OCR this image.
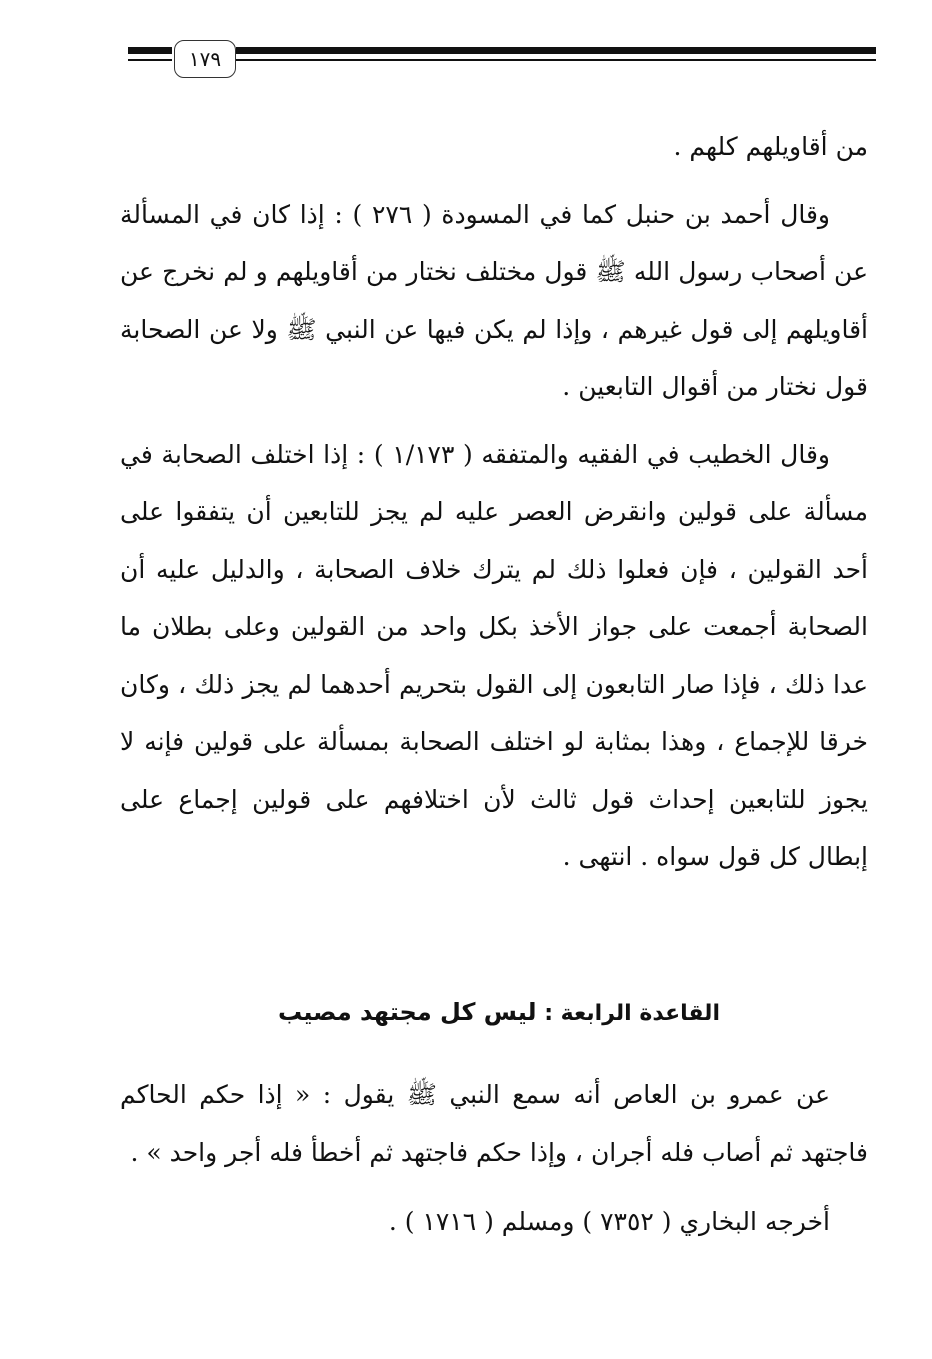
١٧٩

من أقاويلهم كلهم .

وقال أحمد بن حنبل كما في المسودة ( ٢٧٦ ) : إذا كان في المسألة عن أصحاب رسول الله ﷺ قول مختلف نختار من أقاويلهم و لم نخرج عن أقاويلهم إلى قول غيرهم ، وإذا لم يكن فيها عن النبي ﷺ ولا عن الصحابة قول نختار من أقوال التابعين .

وقال الخطيب في الفقيه والمتفقه ( ١/١٧٣ ) : إذا اختلف الصحابة في مسألة على قولين وانقرض العصر عليه لم يجز للتابعين أن يتفقوا على أحد القولين ، فإن فعلوا ذلك لم يترك خلاف الصحابة ، والدليل عليه أن الصحابة أجمعت على جواز الأخذ بكل واحد من القولين وعلى بطلان ما عدا ذلك ، فإذا صار التابعون إلى القول بتحريم أحدهما لم يجز ذلك ، وكان خرقا للإجماع ، وهذا بمثابة لو اختلف الصحابة بمسألة على قولين فإنه لا يجوز للتابعين إحداث قول ثالث لأن اختلافهم على قولين إجماع على إبطال كل قول سواه . انتهى .

القاعدة الرابعة : ليس كل مجتهد مصيب

عن عمرو بن العاص أنه سمع النبي ﷺ يقول : « إذا حكم الحاكم فاجتهد ثم أصاب فله أجران ، وإذا حكم فاجتهد ثم أخطأ فله أجر واحد » .

أخرجه البخاري ( ٧٣٥٢ ) ومسلم ( ١٧١٦ ) .
